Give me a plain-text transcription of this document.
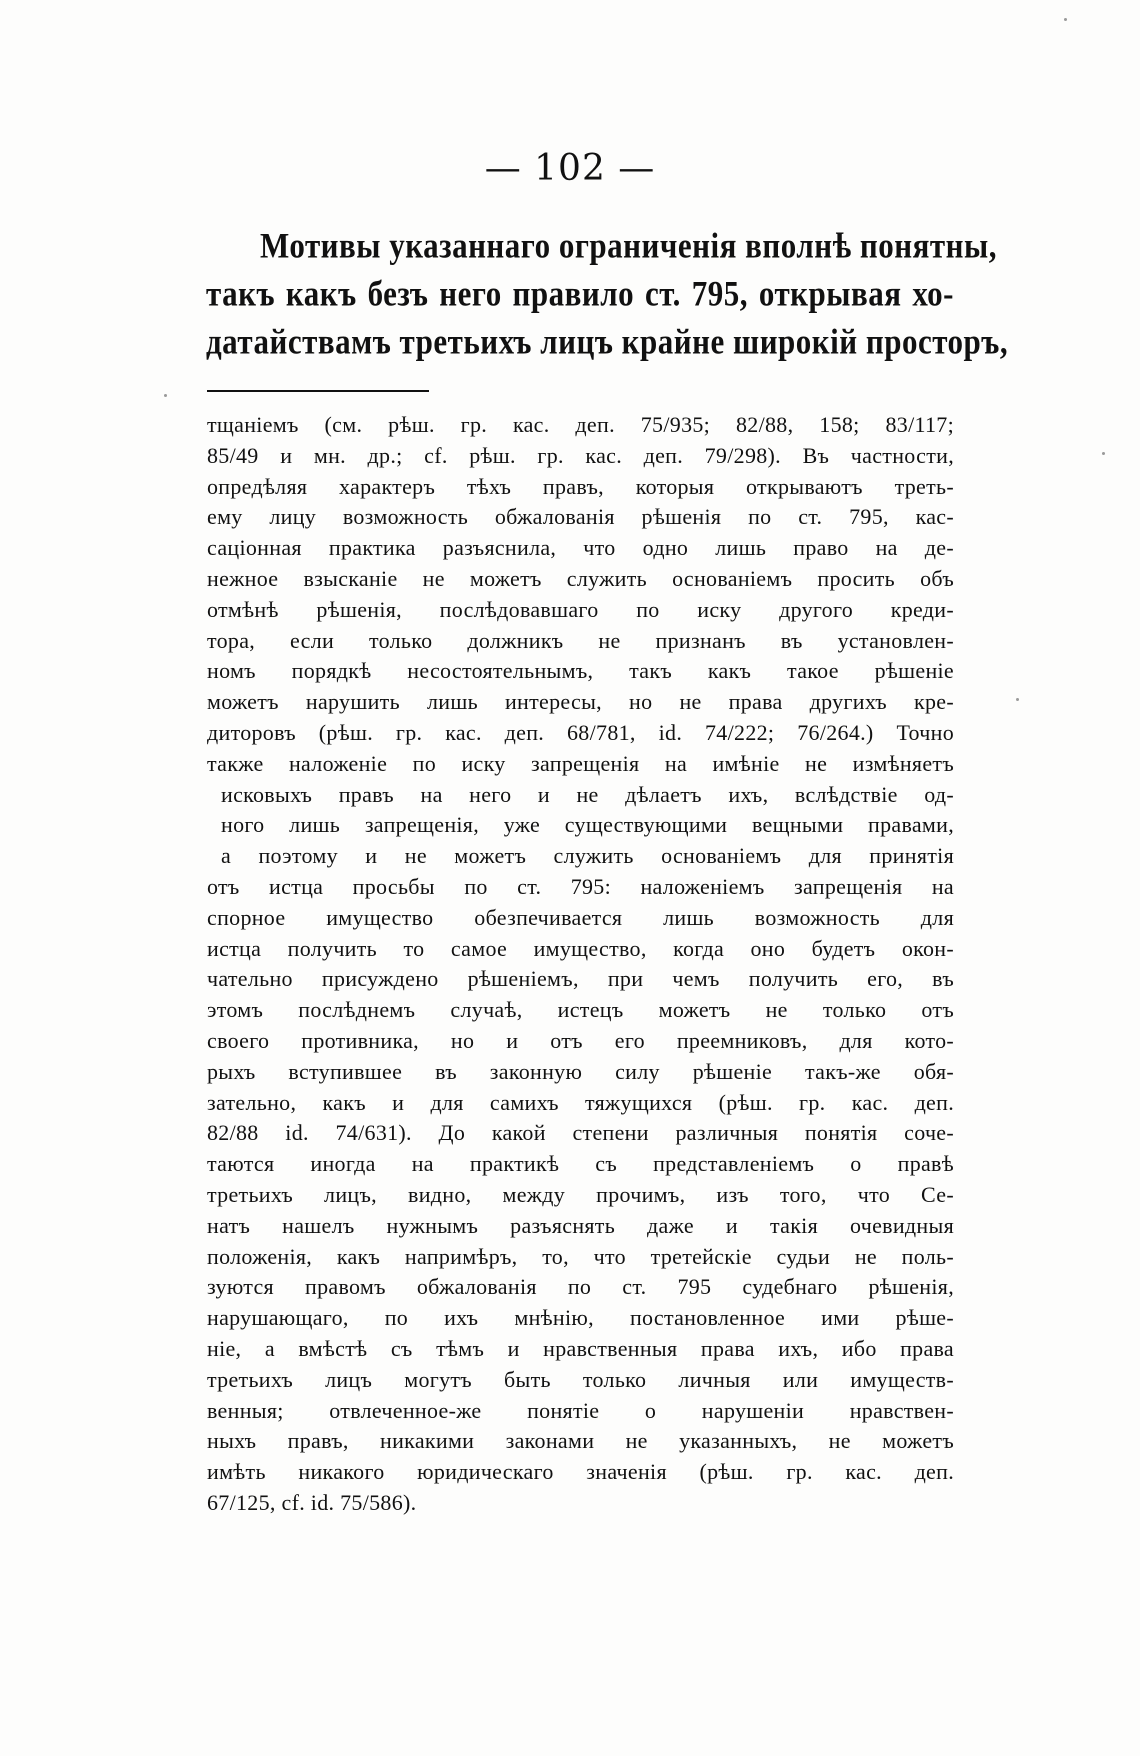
— 102 —
Мотивы указаннаго ограниченія вполнѣ понятны,
такъ какъ безъ него правило ст. 795, открывая хо-
датайствамъ третьихъ лицъ крайне широкій просторъ,
тщаніемъ (см. рѣш. гр. кас. деп. 75/935; 82/88, 158; 83/117;
85/49 и мн. др.; cf. рѣш. гр. кас. деп. 79/298). Въ частности,
опредѣляя характеръ тѣхъ правъ, которыя открываютъ треть-
ему лицу возможность обжалованія рѣшенія по ст. 795, кас-
саціонная практика разъяснила, что одно лишь право на де-
нежное взысканіе не можетъ служить основаніемъ просить объ
отмѣнѣ рѣшенія, послѣдовавшаго по иску другого креди-
тора, если только должникъ не признанъ въ установлен-
номъ порядкѣ несостоятельнымъ, такъ какъ такое рѣшеніе
можетъ нарушить лишь интересы, но не права другихъ кре-
диторовъ (рѣш. гр. кас. деп. 68/781, id. 74/222; 76/264.) Точно
также наложеніе по иску запрещенія на имѣніе не измѣняетъ
исковыхъ правъ на него и не дѣлаетъ ихъ, вслѣдствіе од-
ного лишь запрещенія, уже существующими вещными правами,
а поэтому и не можетъ служить основаніемъ для принятія
отъ истца просьбы по ст. 795: наложеніемъ запрещенія на
спорное имущество обезпечивается лишь возможность для
истца получить то самое имущество, когда оно будетъ окон-
чательно присуждено рѣшеніемъ, при чемъ получить его, въ
этомъ послѣднемъ случаѣ, истецъ можетъ не только отъ
своего противника, но и отъ его преемниковъ, для кото-
рыхъ вступившее въ законную силу рѣшеніе такъ-же обя-
зательно, какъ и для самихъ тяжущихся (рѣш. гр. кас. деп.
82/88 id. 74/631). До какой степени различныя понятія соче-
таются иногда на практикѣ съ представленіемъ о правѣ
третьихъ лицъ, видно, между прочимъ, изъ того, что Се-
натъ нашелъ нужнымъ разъяснять даже и такія очевидныя
положенія, какъ напримѣръ, то, что третейскіе судьи не поль-
зуются правомъ обжалованія по ст. 795 судебнаго рѣшенія,
нарушающаго, по ихъ мнѣнію, постановленное ими рѣше-
ніе, а вмѣстѣ съ тѣмъ и нравственныя права ихъ, ибо права
третьихъ лицъ могутъ быть только личныя или имуществ-
венныя; отвлеченное-же понятіе о нарушеніи нравствен-
ныхъ правъ, никакими законами не указанныхъ, не можетъ
имѣть никакого юридическаго значенія (рѣш. гр. кас. деп.
67/125, cf. id. 75/586).
